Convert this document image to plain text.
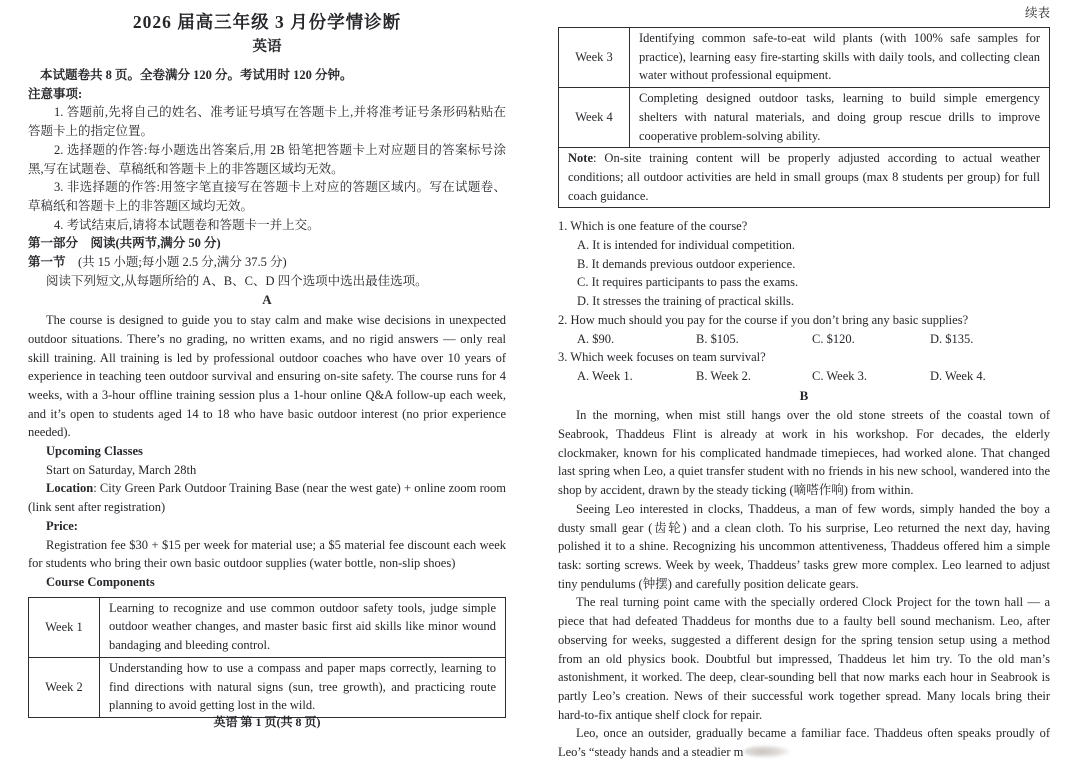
续表
2026 届高三年级 3 月份学情诊断
英语

本试题卷共 8 页。全卷满分 120 分。考试用时 120 分钟。

注意事项:

1. 答题前,先将自己的姓名、准考证号填写在答题卡上,并将准考证号条形码粘贴在答题卡上的指定位置。

2. 选择题的作答:每小题选出答案后,用 2B 铅笔把答题卡上对应题目的答案标号涂黑,写在试题卷、草稿纸和答题卡上的非答题区域均无效。

3. 非选择题的作答:用签字笔直接写在答题卡上对应的答题区域内。写在试题卷、草稿纸和答题卡上的非答题区域均无效。

4. 考试结束后,请将本试题卷和答题卡一并上交。

第一部分　阅读(共两节,满分 50 分)

第一节　(共 15 小题;每小题 2.5 分,满分 37.5 分)

阅读下列短文,从每题所给的 A、B、C、D 四个选项中选出最佳选项。

A

The course is designed to guide you to stay calm and make wise decisions in unexpected outdoor situations. There’s no grading, no written exams, and no rigid answers — only real skill training. All training is led by professional outdoor coaches who have over 10 years of experience in teaching teen outdoor survival and ensuring on-site safety. The course runs for 4 weeks, with a 3-hour offline training session plus a 1-hour online Q&A follow-up each week, and it’s open to students aged 14 to 18 who have basic outdoor interest (no prior experience needed).

Upcoming Classes

Start on Saturday, March 28th

Location: City Green Park Outdoor Training Base (near the west gate) + online zoom room (link sent after registration)

Price:

Registration fee $30 + $15 per week for material use; a $5 material fee discount each week for students who bring their own basic outdoor supplies (water bottle, non-slip shoes)

Course Components

Week 1	Learning to recognize and use common outdoor safety tools, judge simple outdoor weather changes, and master basic first aid skills like minor wound bandaging and bleeding control.
Week 2	Understanding how to use a compass and paper maps correctly, learning to find directions with natural signs (sun, tree growth), and practicing route planning to avoid getting lost in the wild.
Week 3	Identifying common safe-to-eat wild plants (with 100% safe samples for practice), learning easy fire-starting skills with daily tools, and collecting clean water without professional equipment.
Week 4	Completing designed outdoor tasks, learning to build simple emergency shelters with natural materials, and doing group rescue drills to improve cooperative problem-solving ability.
Note: On-site training content will be properly adjusted according to actual weather conditions; all outdoor activities are held in small groups (max 8 students per group) for full coach guidance.	

1. Which is one feature of the course?

A. It is intended for individual competition.

B. It demands previous outdoor experience.

C. It requires participants to pass the exams.

D. It stresses the training of practical skills.

2. How much should you pay for the course if you don’t bring any basic supplies?

A. $90.	B. $105.	C. $120.	D. $135.

3. Which week focuses on team survival?

A. Week 1.	B. Week 2.	C. Week 3.	D. Week 4.
B

In the morning, when mist still hangs over the old stone streets of the coastal town of Seabrook, Thaddeus Flint is already at work in his workshop. For decades, the elderly clockmaker, known for his complicated handmade timepieces, had worked alone. That changed last spring when Leo, a quiet transfer student with no friends in his new school, wandered into the shop by accident, drawn by the steady ticking (嘀嗒作响) from within.

Seeing Leo interested in clocks, Thaddeus, a man of few words, simply handed the boy a dusty small gear (齿轮) and a clean cloth. To his surprise, Leo returned the next day, having polished it to a shine. Recognizing his uncommon attentiveness, Thaddeus offered him a simple task: sorting screws. Week by week, Thaddeus’ tasks grew more complex. Leo learned to adjust tiny pendulums (钟摆) and carefully position delicate gears.

The real turning point came with the specially ordered Clock Project for the town hall — a piece that had defeated Thaddeus for months due to a faulty bell sound mechanism. Leo, after observing for weeks, suggested a different design for the spring tension setup using a method from an old physics book. Doubtful but impressed, Thaddeus let him try. To the old man’s astonishment, it worked. The deep, clear-sounding bell that now marks each hour in Seabrook is partly Leo’s creation. News of their successful work together spread. Many locals bring their hard-to-fix antique shelf clock for repair.

Leo, once an outsider, gradually became a familiar face. Thaddeus often speaks proudly of Leo’s “steady hands and a steadier m

英语 第 1 页(共 8 页)
